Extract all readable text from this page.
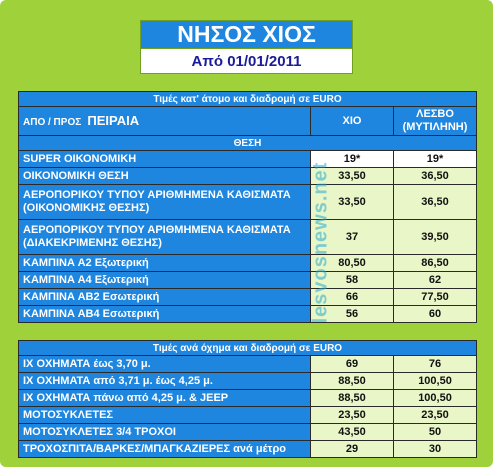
ΝΗΣΟΣ ΧΙΟΣ
Από 01/01/2011
Τιμές κατ' άτομο και διαδρομή σε EURO		
ΑΠΟ / ΠΡΟΣ ΠΕΙΡΑΙΑ	ΧΙΟ	ΛΕΣΒΟ (ΜΥΤΙΛΗΝΗ)
ΘΕΣΗ		
SUPER ΟΙΚΟΝΟΜΙΚΗ	19*	19*
ΟΙΚΟΝΟΜΙΚΗ ΘΕΣΗ	33,50	36,50
ΑΕΡΟΠΟΡΙΚΟΥ ΤΥΠΟΥ ΑΡΙΘΜΗΜΕΝΑ ΚΑΘΙΣΜΑΤΑ (ΟΙΚΟΝΟΜΙΚΗΣ ΘΕΣΗΣ)	33,50	36,50
ΑΕΡΟΠΟΡΙΚΟΥ ΤΥΠΟΥ ΑΡΙΘΜΗΜΕΝΑ ΚΑΘΙΣΜΑΤΑ (ΔΙΑΚΕΚΡΙΜΕΝΗΣ ΘΕΣΗΣ)	37	39,50
ΚΑΜΠΙΝΑ Α2 Εξωτερική	80,50	86,50
ΚΑΜΠΙΝΑ Α4 Εξωτερική	58	62
ΚΑΜΠΙΝΑ ΑΒ2 Εσωτερική	66	77,50
ΚΑΜΠΙΝΑ ΑΒ4 Εσωτερική	56	60
Τιμές ανά όχημα και διαδρομή σε EURO		
ΙΧ ΟΧΗΜΑΤΑ έως 3,70 μ.	69	76
ΙΧ ΟΧΗΜΑΤΑ από 3,71 μ. έως 4,25 μ.	88,50	100,50
ΙΧ ΟΧΗΜΑΤΑ πάνω από 4,25 μ. & JEEP	88,50	100,50
ΜΟΤΟΣΥΚΛΕΤΕΣ	23,50	23,50
ΜΟΤΟΣΥΚΛΕΤΕΣ 3/4 ΤΡΟΧΟΙ	43,50	50
ΤΡΟΧΟΣΠΙΤΑ/ΒΑΡΚΕΣ/ΜΠΑΓΚΑΖΙΕΡΕΣ ανά μέτρο	29	30
lesvosnews.net
